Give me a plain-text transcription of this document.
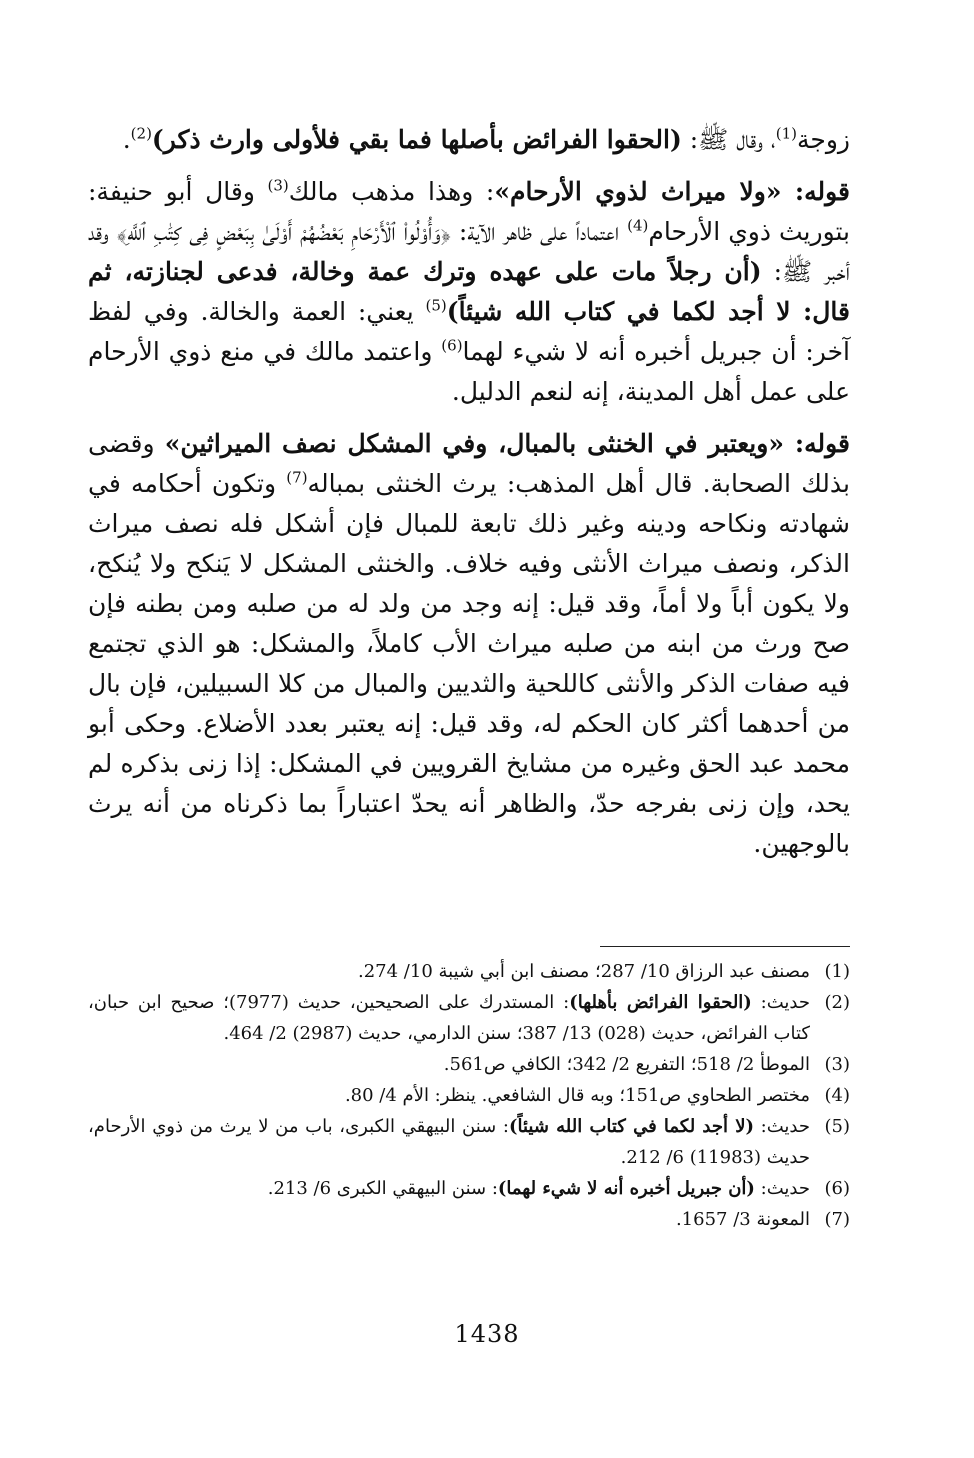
زوجة$^{(1)}$، وقال ﷺ: (الحقوا الفرائض بأصلها فما بقي فلأولى وارث ذكر)$^{(2)}$.

قوله: «ولا ميراث لذوي الأرحام»: وهذا مذهب مالك$^{(3)}$ وقال أبو حنيفة: بتوريث ذوي الأرحام$^{(4)}$ اعتماداً على ظاهر الآية: ﴿وَأُوْلُواْ ٱلْأَرْحَامِ بَعْضُهُمْ أَوْلَىٰ بِبَعْضٍ فِى كِتَٰبِ ٱللَّهِ﴾ وقد أخبر ﷺ: (أن رجلاً مات على عهده وترك عمة وخالة، فدعى لجنازته، ثم قال: لا أجد لكما في كتاب الله شيئاً)$^{(5)}$ يعني: العمة والخالة. وفي لفظ آخر: أن جبريل أخبره أنه لا شيء لهما$^{(6)}$ واعتمد مالك في منع ذوي الأرحام على عمل أهل المدينة، إنه لنعم الدليل.

قوله: «ويعتبر في الخنثى بالمبال، وفي المشكل نصف الميراثين» وقضى بذلك الصحابة. قال أهل المذهب: يرث الخنثى بمباله$^{(7)}$ وتكون أحكامه في شهادته ونكاحه ودينه وغير ذلك تابعة للمبال فإن أشكل فله نصف ميراث الذكر، ونصف ميراث الأنثى وفيه خلاف. والخنثى المشكل لا يَنكح ولا يُنكح، ولا يكون أباً ولا أماً، وقد قيل: إنه وجد من ولد له من صلبه ومن بطنه فإن صح ورث من ابنه من صلبه ميراث الأب كاملاً، والمشكل: هو الذي تجتمع فيه صفات الذكر والأنثى كاللحية والثديين والمبال من كلا السبيلين، فإن بال من أحدهما أكثر كان الحكم له، وقد قيل: إنه يعتبر بعدد الأضلاع. وحكى أبو محمد عبد الحق وغيره من مشايخ القرويين في المشكل: إذا زنى بذكره لم يحد، وإن زنى بفرجه حدّ، والظاهر أنه يحدّ اعتباراً بما ذكرناه من أنه يرث بالوجهين.

(1)
مصنف عبد الرزاق 10/ 287؛ مصنف ابن أبي شيبة 10/ 274.
(2)
حديث: (الحقوا الفرائض بأهلها): المستدرك على الصحيحين، حديث (7977)؛ صحيح ابن حبان، كتاب الفرائض، حديث (028) 13/ 387؛ سنن الدارمي، حديث (2987) 2/ 464.
(3)
الموطأ 2/ 518؛ التفريع 2/ 342؛ الكافي ص561.
(4)
مختصر الطحاوي ص151؛ وبه قال الشافعي. ينظر: الأم 4/ 80.
(5)
حديث: (لا أجد لكما في كتاب الله شيئاً): سنن البيهقي الكبرى، باب من لا يرث من ذوي الأرحام، حديث (11983) 6/ 212.
(6)
حديث: (أن جبريل أخبره أنه لا شيء لهما): سنن البيهقي الكبرى 6/ 213.
(7)
المعونة 3/ 1657.
1438
